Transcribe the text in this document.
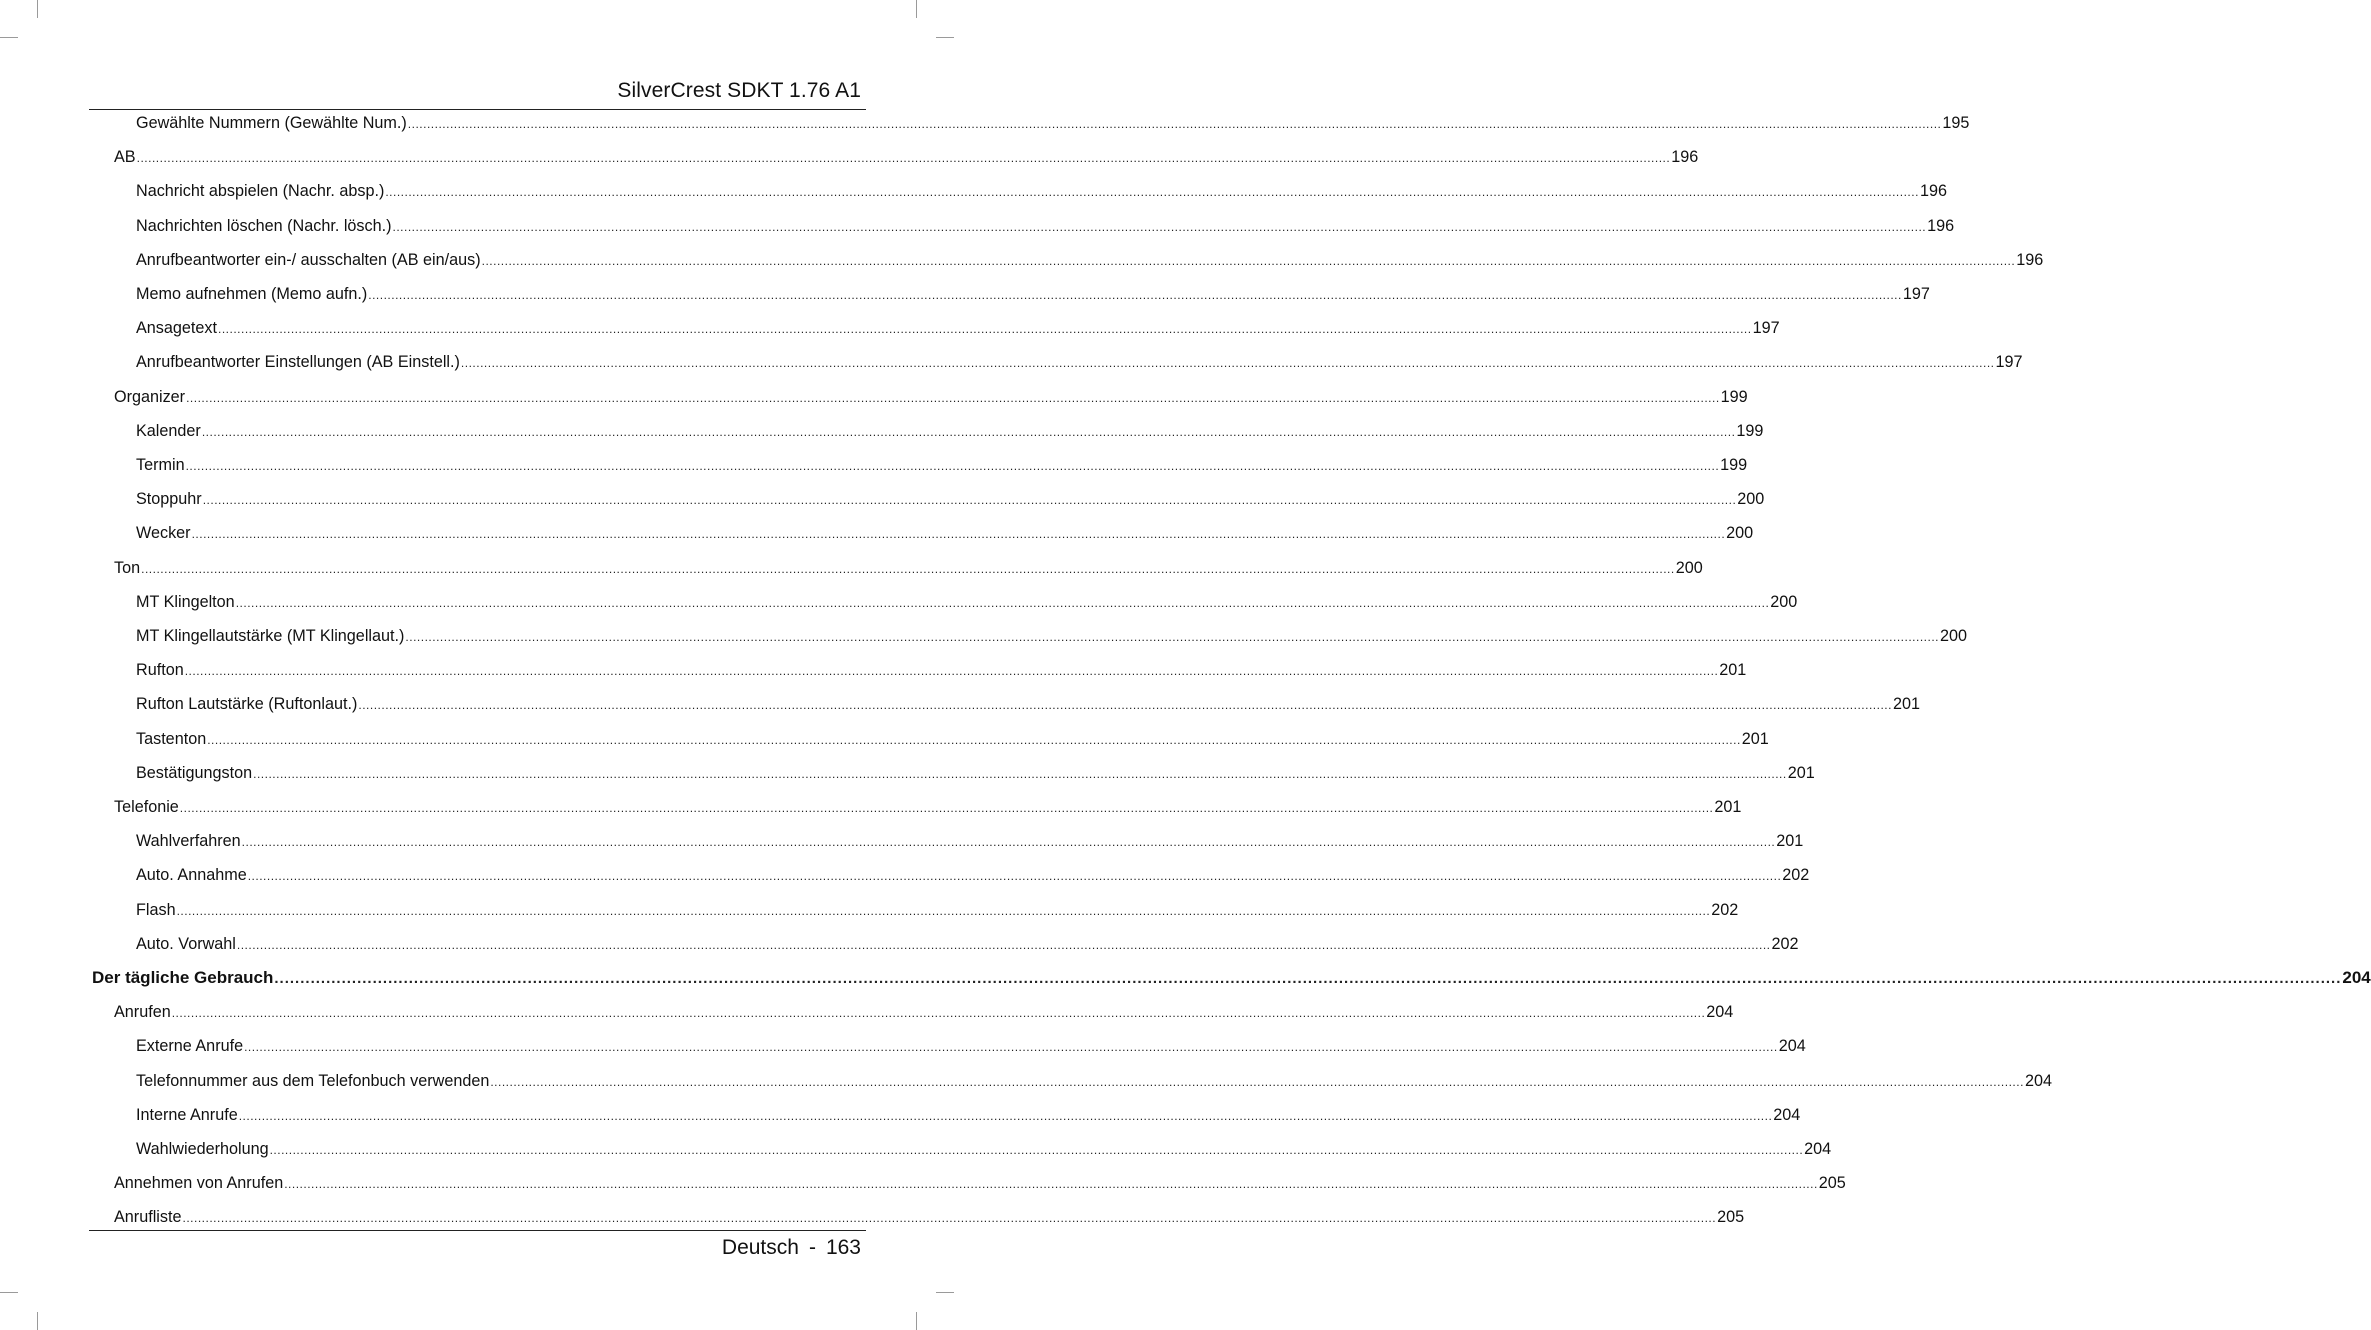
SilverCrest SDKT 1.76 A1
Gewählte Nummern (Gewählte Num.) ................................................................................................................................................................................................................................................................................................................................................................................................................ 195
AB ................................................................................................................................................................................................................................................................................................................................................................................................................ 196
Nachricht abspielen (Nachr. absp.) ................................................................................................................................................................................................................................................................................................................................................................................................................ 196
Nachrichten löschen (Nachr. lösch.) ................................................................................................................................................................................................................................................................................................................................................................................................................ 196
Anrufbeantworter ein-/ ausschalten (AB ein/aus) ................................................................................................................................................................................................................................................................................................................................................................................................................ 196
Memo aufnehmen (Memo aufn.) ................................................................................................................................................................................................................................................................................................................................................................................................................ 197
Ansagetext ................................................................................................................................................................................................................................................................................................................................................................................................................ 197
Anrufbeantworter Einstellungen (AB Einstell.) ................................................................................................................................................................................................................................................................................................................................................................................................................ 197
Organizer ................................................................................................................................................................................................................................................................................................................................................................................................................ 199
Kalender ................................................................................................................................................................................................................................................................................................................................................................................................................ 199
Termin ................................................................................................................................................................................................................................................................................................................................................................................................................ 199
Stoppuhr ................................................................................................................................................................................................................................................................................................................................................................................................................ 200
Wecker ................................................................................................................................................................................................................................................................................................................................................................................................................ 200
Ton ................................................................................................................................................................................................................................................................................................................................................................................................................ 200
MT Klingelton ................................................................................................................................................................................................................................................................................................................................................................................................................ 200
MT Klingellautstärke (MT Klingellaut.) ................................................................................................................................................................................................................................................................................................................................................................................................................ 200
Rufton ................................................................................................................................................................................................................................................................................................................................................................................................................ 201
Rufton Lautstärke (Ruftonlaut.) ................................................................................................................................................................................................................................................................................................................................................................................................................ 201
Tastenton ................................................................................................................................................................................................................................................................................................................................................................................................................ 201
Bestätigungston ................................................................................................................................................................................................................................................................................................................................................................................................................ 201
Telefonie ................................................................................................................................................................................................................................................................................................................................................................................................................ 201
Wahlverfahren ................................................................................................................................................................................................................................................................................................................................................................................................................ 201
Auto. Annahme ................................................................................................................................................................................................................................................................................................................................................................................................................ 202
Flash ................................................................................................................................................................................................................................................................................................................................................................................................................ 202
Auto. Vorwahl ................................................................................................................................................................................................................................................................................................................................................................................................................ 202
Der tägliche Gebrauch ................................................................................................................................................................................................................................................................................................................................................................................................................ 204
Anrufen ................................................................................................................................................................................................................................................................................................................................................................................................................ 204
Externe Anrufe ................................................................................................................................................................................................................................................................................................................................................................................................................ 204
Telefonnummer aus dem Telefonbuch verwenden ................................................................................................................................................................................................................................................................................................................................................................................................................ 204
Interne Anrufe ................................................................................................................................................................................................................................................................................................................................................................................................................ 204
Wahlwiederholung ................................................................................................................................................................................................................................................................................................................................................................................................................ 204
Annehmen von Anrufen ................................................................................................................................................................................................................................................................................................................................................................................................................ 205
Anrufliste ................................................................................................................................................................................................................................................................................................................................................................................................................ 205
Deutsch - 163
